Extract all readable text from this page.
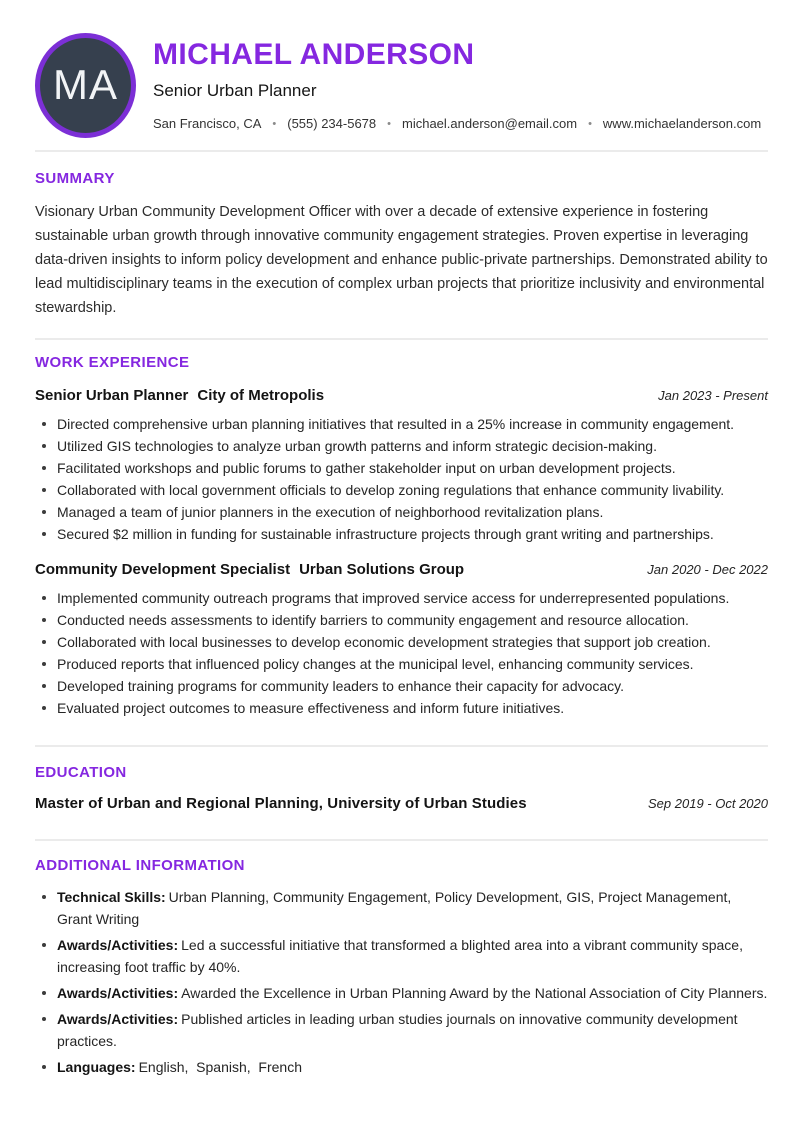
MA
MICHAEL ANDERSON
Senior Urban Planner
San Francisco, CA • (555) 234-5678 • michael.anderson@email.com • www.michaelanderson.com
SUMMARY

Visionary Urban Community Development Officer with over a decade of extensive experience in fostering sustainable urban growth through innovative community engagement strategies. Proven expertise in leveraging data-driven insights to inform policy development and enhance public-private partnerships. Demonstrated ability to lead multidisciplinary teams in the execution of complex urban projects that prioritize inclusivity and environmental stewardship.

WORK EXPERIENCE
Senior Urban Planner City of Metropolis	Jan 2023 - Present
Directed comprehensive urban planning initiatives that resulted in a 25% increase in community engagement.
Utilized GIS technologies to analyze urban growth patterns and inform strategic decision-making.
Facilitated workshops and public forums to gather stakeholder input on urban development projects.
Collaborated with local government officials to develop zoning regulations that enhance community livability.
Managed a team of junior planners in the execution of neighborhood revitalization plans.
Secured $2 million in funding for sustainable infrastructure projects through grant writing and partnerships.
Community Development Specialist Urban Solutions Group	Jan 2020 - Dec 2022
Implemented community outreach programs that improved service access for underrepresented populations.
Conducted needs assessments to identify barriers to community engagement and resource allocation.
Collaborated with local businesses to develop economic development strategies that support job creation.
Produced reports that influenced policy changes at the municipal level, enhancing community services.
Developed training programs for community leaders to enhance their capacity for advocacy.
Evaluated project outcomes to measure effectiveness and inform future initiatives.
EDUCATION
Master of Urban and Regional Planning, University of Urban Studies	Sep 2019 - Oct 2020
ADDITIONAL INFORMATION
Technical Skills: Urban Planning, Community Engagement, Policy Development, GIS, Project Management, Grant Writing
Awards/Activities: Led a successful initiative that transformed a blighted area into a vibrant community space, increasing foot traffic by 40%.
Awards/Activities: Awarded the Excellence in Urban Planning Award by the National Association of City Planners.
Awards/Activities: Published articles in leading urban studies journals on innovative community development practices.
Languages: English,  Spanish,  French
